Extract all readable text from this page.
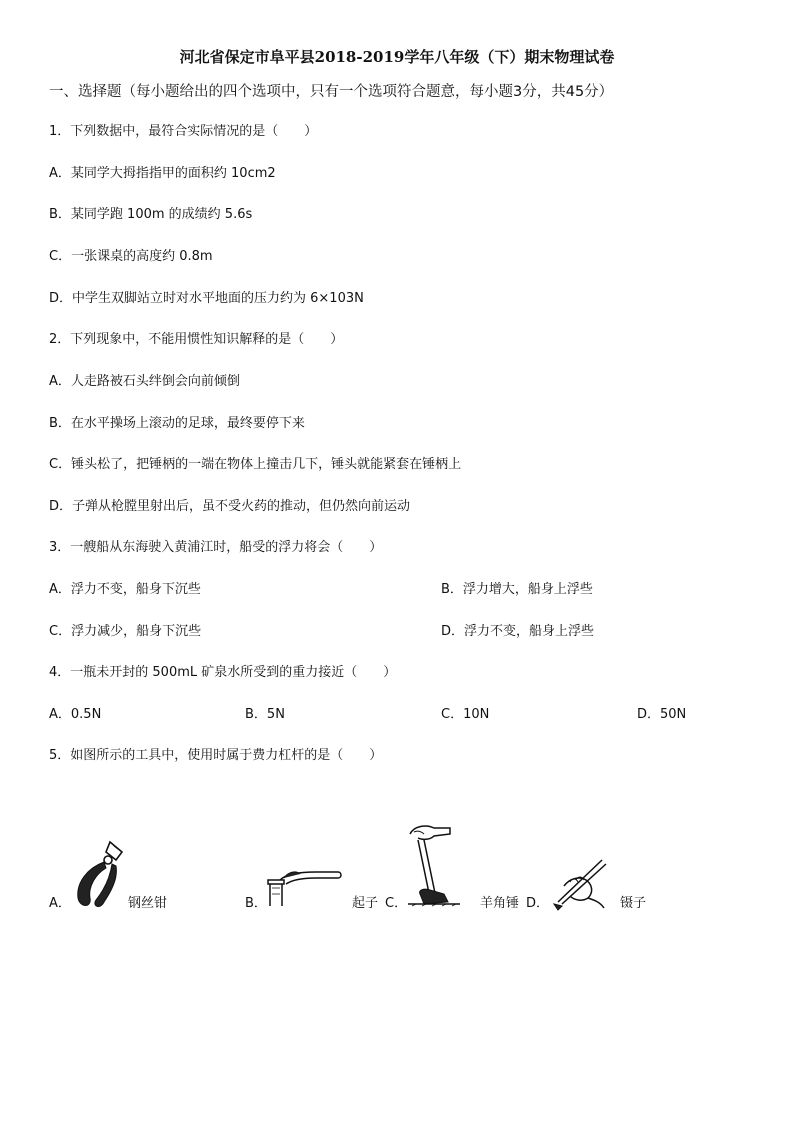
河北省保定市阜平县2018-2019学年八年级（下）期末物理试卷
一、选择题（每小题给出的四个选项中，只有一个选项符合题意，每小题3分，共45分）
1．下列数据中，最符合实际情况的是（　　）
A．某同学大拇指指甲的面积约 10cm2
B．某同学跑 100m 的成绩约 5.6s
C．一张课桌的高度约 0.8m
D．中学生双脚站立时对水平地面的压力约为 6×103N
2．下列现象中，不能用惯性知识解释的是（　　）
A．人走路被石头绊倒会向前倾倒
B．在水平操场上滚动的足球，最终要停下来
C．锤头松了，把锤柄的一端在物体上撞击几下，锤头就能紧套在锤柄上
D．子弹从枪膛里射出后，虽不受火药的推动，但仍然向前运动
3．一艘船从东海驶入黄浦江时，船受的浮力将会（　　）
A．浮力不变，船身下沉些	B．浮力增大，船身上浮些
C．浮力减少，船身下沉些	D．浮力不变，船身上浮些
4．一瓶未开封的 500mL 矿泉水所受到的重力接近（　　）
A．0.5N	B．5N	C．10N	D．50N
5．如图所示的工具中，使用时属于费力杠杆的是（　　）
A．	钢丝钳	B．	起子 C．	羊角锤 D．	镊子
